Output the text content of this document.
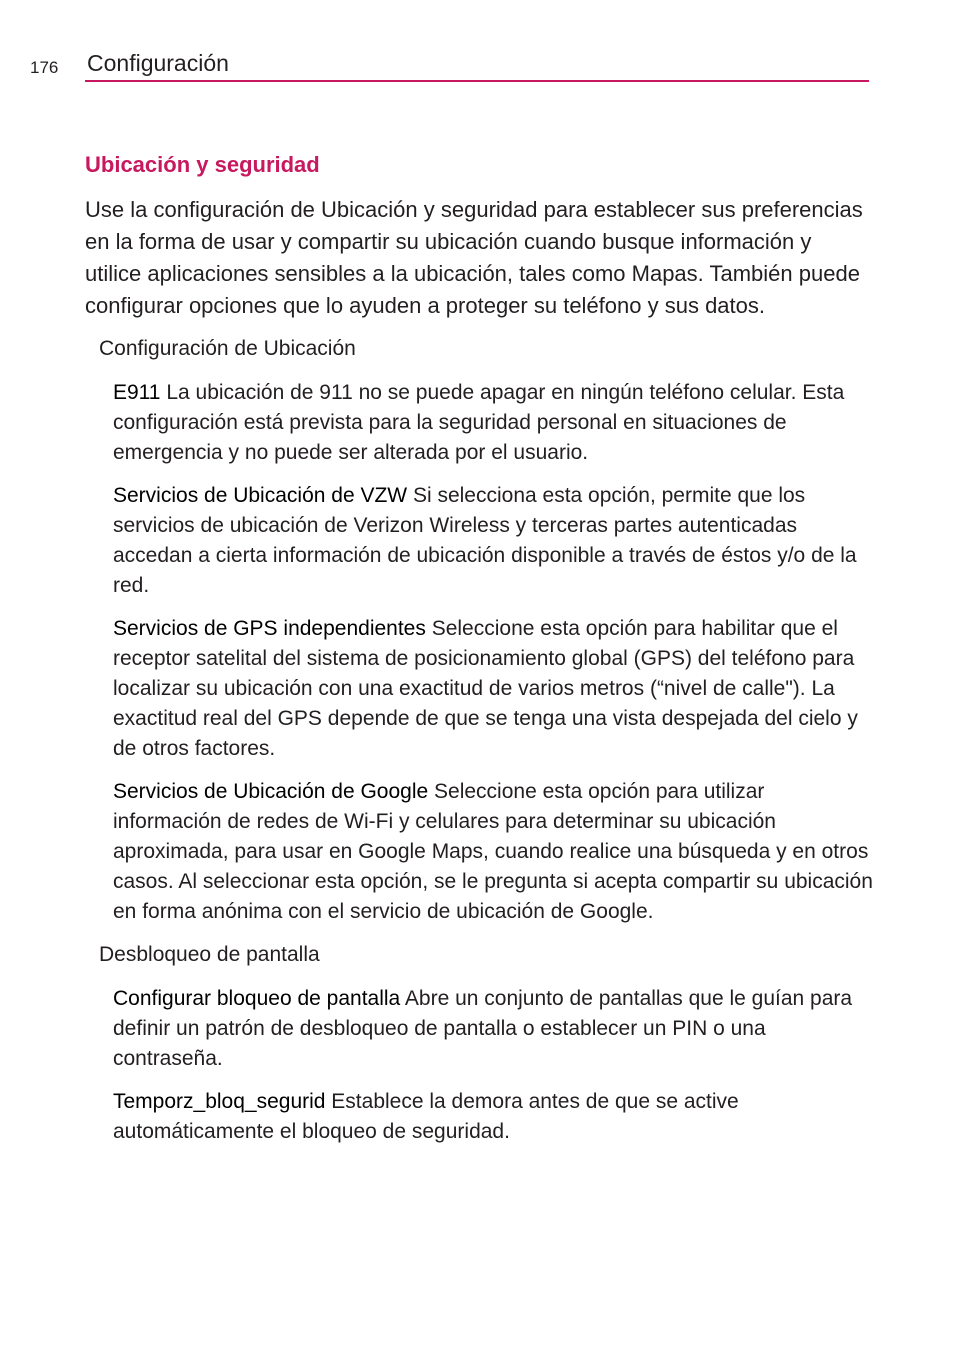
176 Configuración
Ubicación y seguridad

Use la configuración de Ubicación y seguridad para establecer sus preferencias en la forma de usar y compartir su ubicación cuando busque información y utilice aplicaciones sensibles a la ubicación, tales como Mapas. También puede configurar opciones que lo ayuden a proteger su teléfono y sus datos.

Configuración de Ubicación

E911 La ubicación de 911 no se puede apagar en ningún teléfono celular. Esta configuración está prevista para la seguridad personal en situaciones de emergencia y no puede ser alterada por el usuario.

Servicios de Ubicación de VZW Si selecciona esta opción, permite que los servicios de ubicación de Verizon Wireless y terceras partes autenticadas accedan a cierta información de ubicación disponible a través de éstos y/o de la red.

Servicios de GPS independientes Seleccione esta opción para habilitar que el receptor satelital del sistema de posicionamiento global (GPS) del teléfono para localizar su ubicación con una exactitud de varios metros (“nivel de calle"). La exactitud real del GPS depende de que se tenga una vista despejada del cielo y de otros factores.

Servicios de Ubicación de Google Seleccione esta opción para utilizar información de redes de Wi-Fi y celulares para determinar su ubicación aproximada, para usar en Google Maps, cuando realice una búsqueda y en otros casos. Al seleccionar esta opción, se le pregunta si acepta compartir su ubicación en forma anónima con el servicio de ubicación de Google.

Desbloqueo de pantalla

Configurar bloqueo de pantalla Abre un conjunto de pantallas que le guían para definir un patrón de desbloqueo de pantalla o establecer un PIN o una contraseña.

Temporz_bloq_segurid Establece la demora antes de que se active automáticamente el bloqueo de seguridad.
